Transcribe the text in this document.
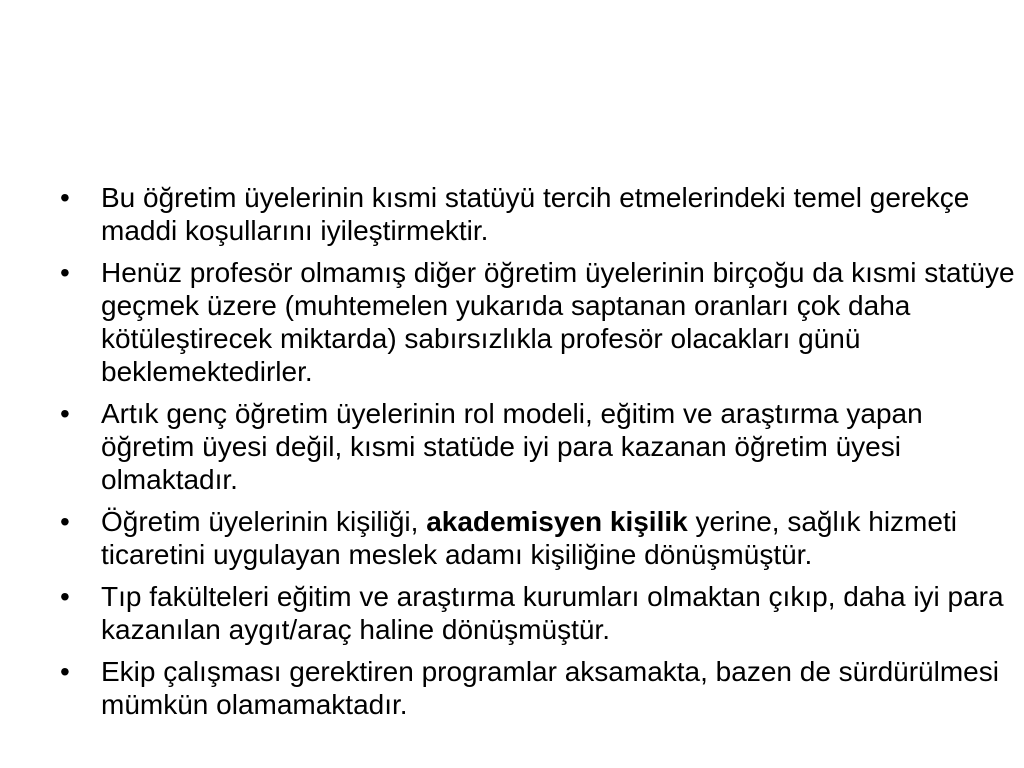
•	Bu öğretim üyelerinin kısmi statüyü tercih etmelerindeki temel gerekçe maddi koşullarını iyileştirmektir.
•	Henüz profesör olmamış diğer öğretim üyelerinin birçoğu da kısmi statüye geçmek üzere (muhtemelen yukarıda saptanan oranları çok daha kötüleştirecek miktarda) sabırsızlıkla profesör olacakları günü beklemektedirler.
•	Artık genç öğretim üyelerinin rol modeli, eğitim ve araştırma yapan öğretim üyesi değil, kısmi statüde iyi para kazanan öğretim üyesi olmaktadır.
•	Öğretim üyelerinin kişiliği, akademisyen kişilik yerine, sağlık hizmeti ticaretini uygulayan meslek adamı kişiliğine dönüşmüştür.
•	Tıp fakülteleri eğitim ve araştırma kurumları olmaktan çıkıp, daha iyi para kazanılan aygıt/araç haline dönüşmüştür.
•	Ekip çalışması gerektiren programlar aksamakta, bazen de sürdürülmesi mümkün olamamaktadır.
